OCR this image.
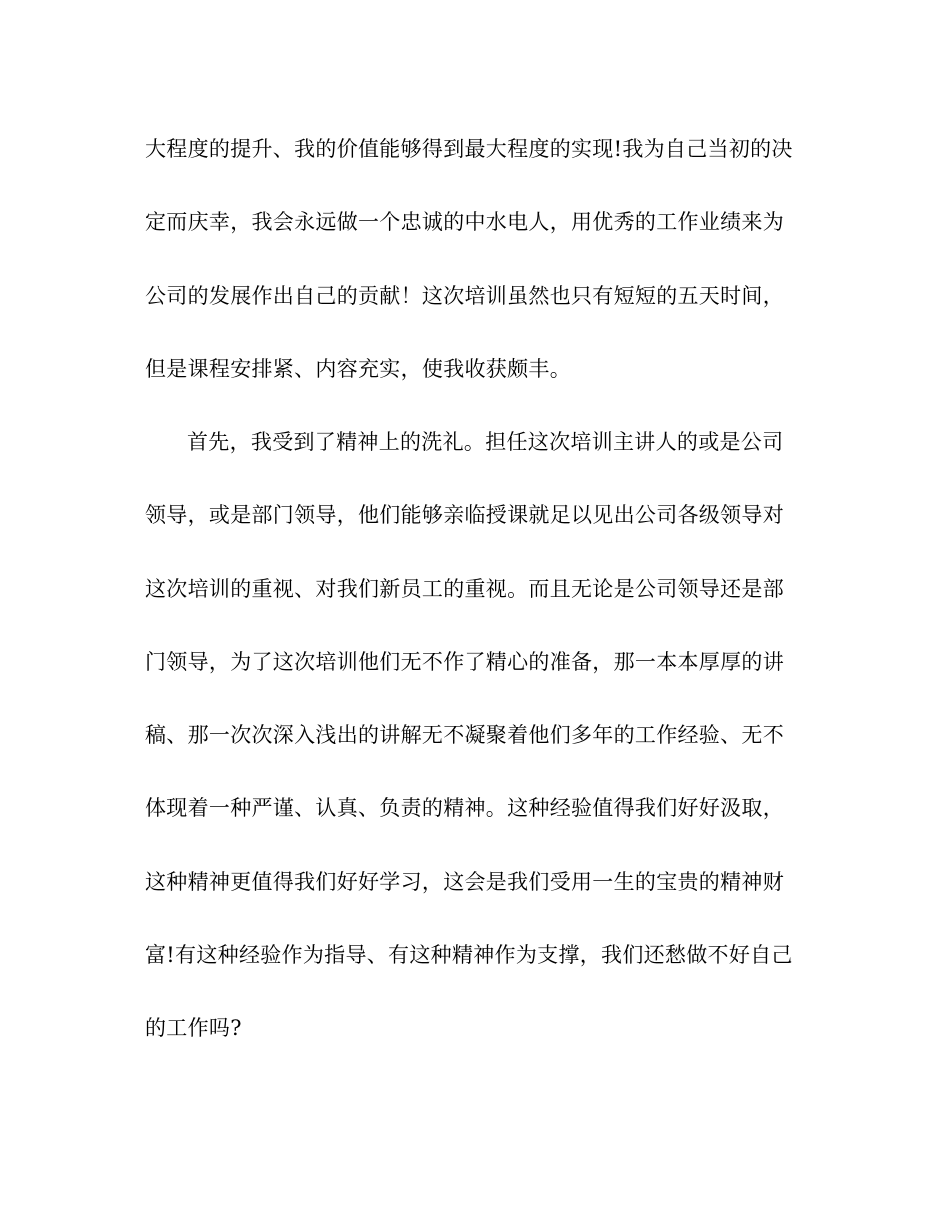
大程度的提升、我的价值能够得到最大程度的实现!我为自己当初的决
定而庆幸，我会永远做一个忠诚的中水电人，用优秀的工作业绩来为
公司的发展作出自己的贡献！这次培训虽然也只有短短的五天时间，
但是课程安排紧、内容充实，使我收获颇丰。
首先，我受到了精神上的洗礼。担任这次培训主讲人的或是公司
领导，或是部门领导，他们能够亲临授课就足以见出公司各级领导对
这次培训的重视、对我们新员工的重视。而且无论是公司领导还是部
门领导，为了这次培训他们无不作了精心的准备，那一本本厚厚的讲
稿、那一次次深入浅出的讲解无不凝聚着他们多年的工作经验、无不
体现着一种严谨、认真、负责的精神。这种经验值得我们好好汲取，
这种精神更值得我们好好学习，这会是我们受用一生的宝贵的精神财
富!有这种经验作为指导、有这种精神作为支撑，我们还愁做不好自己
的工作吗?
